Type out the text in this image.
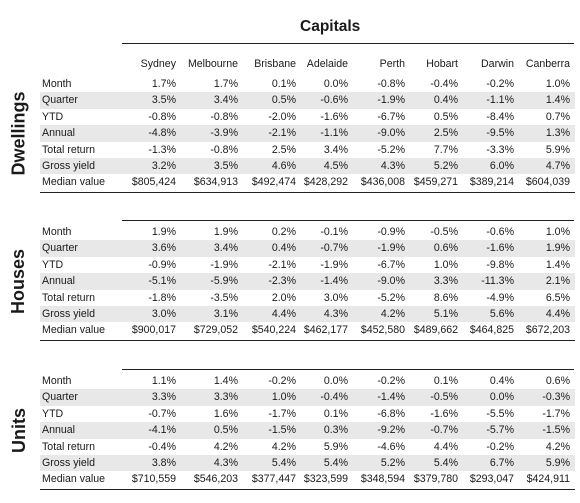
Capitals
Sydney Melbourne Brisbane Adelaide	Perth Hobart Darwin Canberra
Dwellings
Month	1.7%	1.7%	0.1%	0.0%	-0.8% -0.4%	-0.2%	1.0%
Quarter	3.5%	3.4%	0.5% -0.6%	-1.9%	0.4%	-1.1%	1.4%
YTD	-0.8%	-0.8%	-2.0% -1.6%	-6.7%	0.5%	-8.4%	0.7%
Annual	-4.8%	-3.9%	-2.1% -1.1%	-9.0%	2.5%	-9.5%	1.3%
Total return	-1.3%	-0.8%	2.5%	3.4%	-5.2%	7.7%	-3.3%	5.9%
Gross yield	3.2%	3.5%	4.6%	4.5%	4.3%	5.2%	6.0%	4.7%
Median value	$805,424 $634,913 $492,474 $428,292 $436,008 $459,271 $389,214 $604,039
Houses
Month	1.9%	1.9%	0.2% -0.1%	-0.9% -0.5%	-0.6%	1.0%
Quarter	3.6%	3.4%	0.4% -0.7%	-1.9%	0.6%	-1.6%	1.9%
YTD	-0.9%	-1.9%	-2.1% -1.9%	-6.7%	1.0%	-9.8%	1.4%
Annual	-5.1%	-5.9%	-2.3% -1.4%	-9.0%	3.3% -11.3%	2.1%
Total return	-1.8%	-3.5%	2.0%	3.0%	-5.2%	8.6%	-4.9%	6.5%
Gross yield	3.0%	3.1%	4.4%	4.3%	4.2%	5.1%	5.6%	4.4%
Median value	$900,017 $729,052 $540,224 $462,177 $452,580 $489,662 $464,825 $672,203
Units
Month	1.1%	1.4%	-0.2%	0.0%	-0.2%	0.1%	0.4%	0.6%
Quarter	3.3%	3.3%	1.0% -0.4%	-1.4% -0.5%	0.0%	-0.3%
YTD	-0.7%	1.6%	-1.7%	0.1%	-6.8% -1.6%	-5.5%	-1.7%
Annual	-4.1%	0.5%	-1.5%	0.3%	-9.2% -0.7%	-5.7%	-1.5%
Total return	-0.4%	4.2%	4.2%	5.9%	-4.6%	4.4%	-0.2%	4.2%
Gross yield	3.8%	4.3%	5.4%	5.4%	5.2%	5.4%	6.7%	5.9%
Median value	$710,559 $546,203 $377,447 $323,599 $348,594 $379,780 $293,047 $424,911
